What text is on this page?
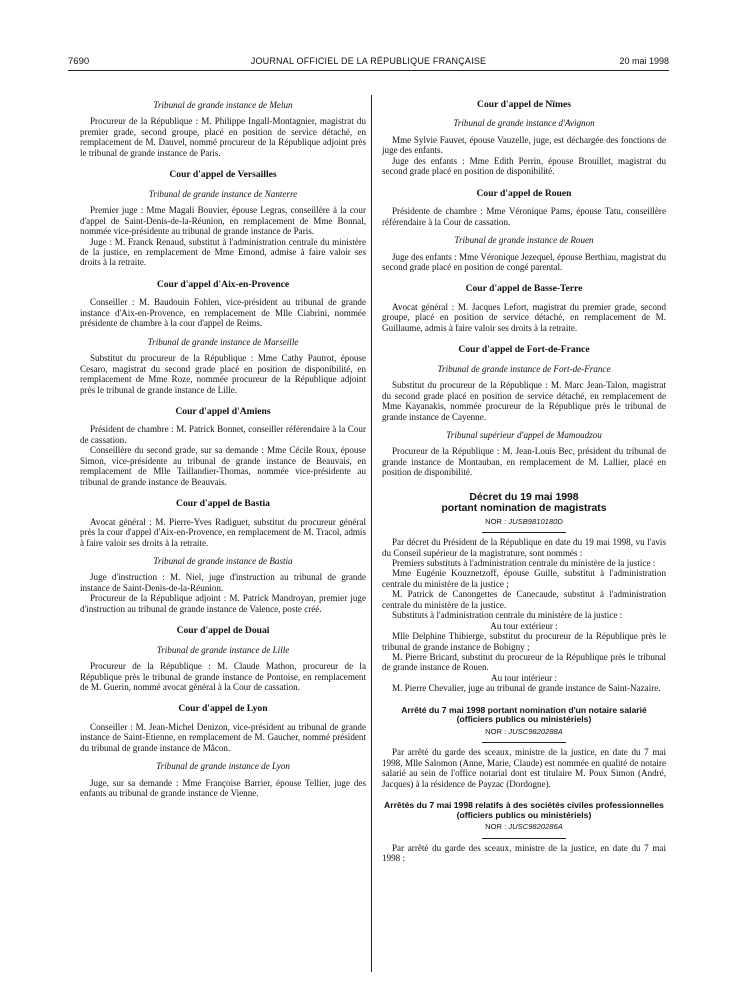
7690	JOURNAL OFFICIEL DE LA RÉPUBLIQUE FRANÇAISE	20 mai 1998
Tribunal de grande instance de Melun

Procureur de la République : M. Philippe Ingall-Montagnier, magistrat du premier grade, second groupe, placé en position de service détaché, en remplacement de M. Dauvel, nommé procureur de la République adjoint près le tribunal de grande instance de Paris.

Cour d'appel de Versailles
Tribunal de grande instance de Nanterre

Premier juge : Mme Magali Bouvier, épouse Legras, conseillère à la cour d'appel de Saint-Denis-de-la-Réunion, en remplacement de Mme Bonnal, nommée vice-présidente au tribunal de grande instance de Paris.

Juge : M. Franck Renaud, substitut à l'administration centrale du ministère de la justice, en remplacement de Mme Emond, admise à faire valoir ses droits à la retraite.

Cour d'appel d'Aix-en-Provence

Conseiller : M. Baudouin Fohlen, vice-président au tribunal de grande instance d'Aix-en-Provence, en remplacement de Mlle Ciabrini, nommée présidente de chambre à la cour d'appel de Reims.

Tribunal de grande instance de Marseille

Substitut du procureur de la République : Mme Cathy Pautrot, épouse Cesaro, magistrat du second grade placé en position de disponibilité, en remplacement de Mme Roze, nommée procureur de la République adjoint près le tribunal de grande instance de Lille.

Cour d'appel d'Amiens

Président de chambre : M. Patrick Bonnet, conseiller référendaire à la Cour de cassation.

Conseillère du second grade, sur sa demande : Mme Cécile Roux, épouse Simon, vice-présidente au tribunal de grande instance de Beauvais, en remplacement de Mlle Taillandier-Thomas, nommée vice-présidente au tribunal de grande instance de Beauvais.

Cour d'appel de Bastia

Avocat général : M. Pierre-Yves Radiguet, substitut du procureur général près la cour d'appel d'Aix-en-Provence, en remplacement de M. Tracol, admis à faire valoir ses droits à la retraite.

Tribunal de grande instance de Bastia

Juge d'instruction : M. Niel, juge d'instruction au tribunal de grande instance de Saint-Denis-de-la-Réunion.

Procureur de la République adjoint : M. Patrick Mandroyan, premier juge d'instruction au tribunal de grande instance de Valence, poste créé.

Cour d'appel de Douai
Tribunal de grande instance de Lille

Procureur de la République : M. Claude Mathon, procureur de la République près le tribunal de grande instance de Pontoise, en remplacement de M. Guerin, nommé avocat général à la Cour de cassation.

Cour d'appel de Lyon

Conseiller : M. Jean-Michel Denizon, vice-président au tribunal de grande instance de Saint-Etienne, en remplacement de M. Gaucher, nommé président du tribunal de grande instance de Mâcon.

Tribunal de grande instance de Lyon

Juge, sur sa demande : Mme Françoise Barrier, épouse Tellier, juge des enfants au tribunal de grande instance de Vienne.

Cour d'appel de Nîmes
Tribunal de grande instance d'Avignon

Mme Sylvie Fauvet, épouse Vauzelle, juge, est déchargée des fonctions de juge des enfants.

Juge des enfants : Mme Edith Perrin, épouse Brouillet, magistrat du second grade placé en position de disponibilité.

Cour d'appel de Rouen

Présidente de chambre : Mme Véronique Pams, épouse Tatu, conseillère référendaire à la Cour de cassation.

Tribunal de grande instance de Rouen

Juge des enfants : Mme Véronique Jezequel, épouse Berthiau, magistrat du second grade placé en position de congé parental.

Cour d'appel de Basse-Terre

Avocat général : M. Jacques Lefort, magistrat du premier grade, second groupe, placé en position de service détaché, en remplacement de M. Guillaume, admis à faire valoir ses droits à la retraite.

Cour d'appel de Fort-de-France
Tribunal de grande instance de Fort-de-France

Substitut du procureur de la République : M. Marc Jean-Talon, magistrat du second grade placé en position de service détaché, en remplacement de Mme Kayanakis, nommée procureur de la République près le tribunal de grande instance de Cayenne.

Tribunal supérieur d'appel de Mamoudzou

Procureur de la République : M. Jean-Louis Bec, président du tribunal de grande instance de Montauban, en remplacement de M. Lallier, placé en position de disponibilité.

Décret du 19 mai 1998
portant nomination de magistrats
NOR : JUSB9810180D

Par décret du Président de la République en date du 19 mai 1998, vu l'avis du Conseil supérieur de la magistrature, sont nommés :

Premiers substituts à l'administration centrale du ministère de la justice :

Mme Eugénie Kouznetzoff, épouse Guille, substitut à l'administration centrale du ministère de la justice ;

M. Patrick de Canongettes de Canecaude, substitut à l'administration centrale du ministère de la justice.

Substituts à l'administration centrale du ministère de la justice :

Au tour extérieur :

Mlle Delphine Thibierge, substitut du procureur de la République près le tribunal de grande instance de Bobigny ;

M. Pierre Bricard, substitut du procureur de la République près le tribunal de grande instance de Rouen.

Au tour intérieur :

M. Pierre Chevalier, juge au tribunal de grande instance de Saint-Nazaire.

Arrêté du 7 mai 1998 portant nomination d'un notaire salarié (officiers publics ou ministériels)
NOR : JUSC9820288A

Par arrêté du garde des sceaux, ministre de la justice, en date du 7 mai 1998, Mlle Salomon (Anne, Marie, Claude) est nommée en qualité de notaire salarié au sein de l'office notarial dont est titulaire M. Poux Simon (André, Jacques) à la résidence de Payzac (Dordogne).

Arrêtés du 7 mai 1998 relatifs à des sociétés civiles professionnelles (officiers publics ou ministériels)
NOR : JUSC9820286A

Par arrêté du garde des sceaux, ministre de la justice, en date du 7 mai 1998 :
